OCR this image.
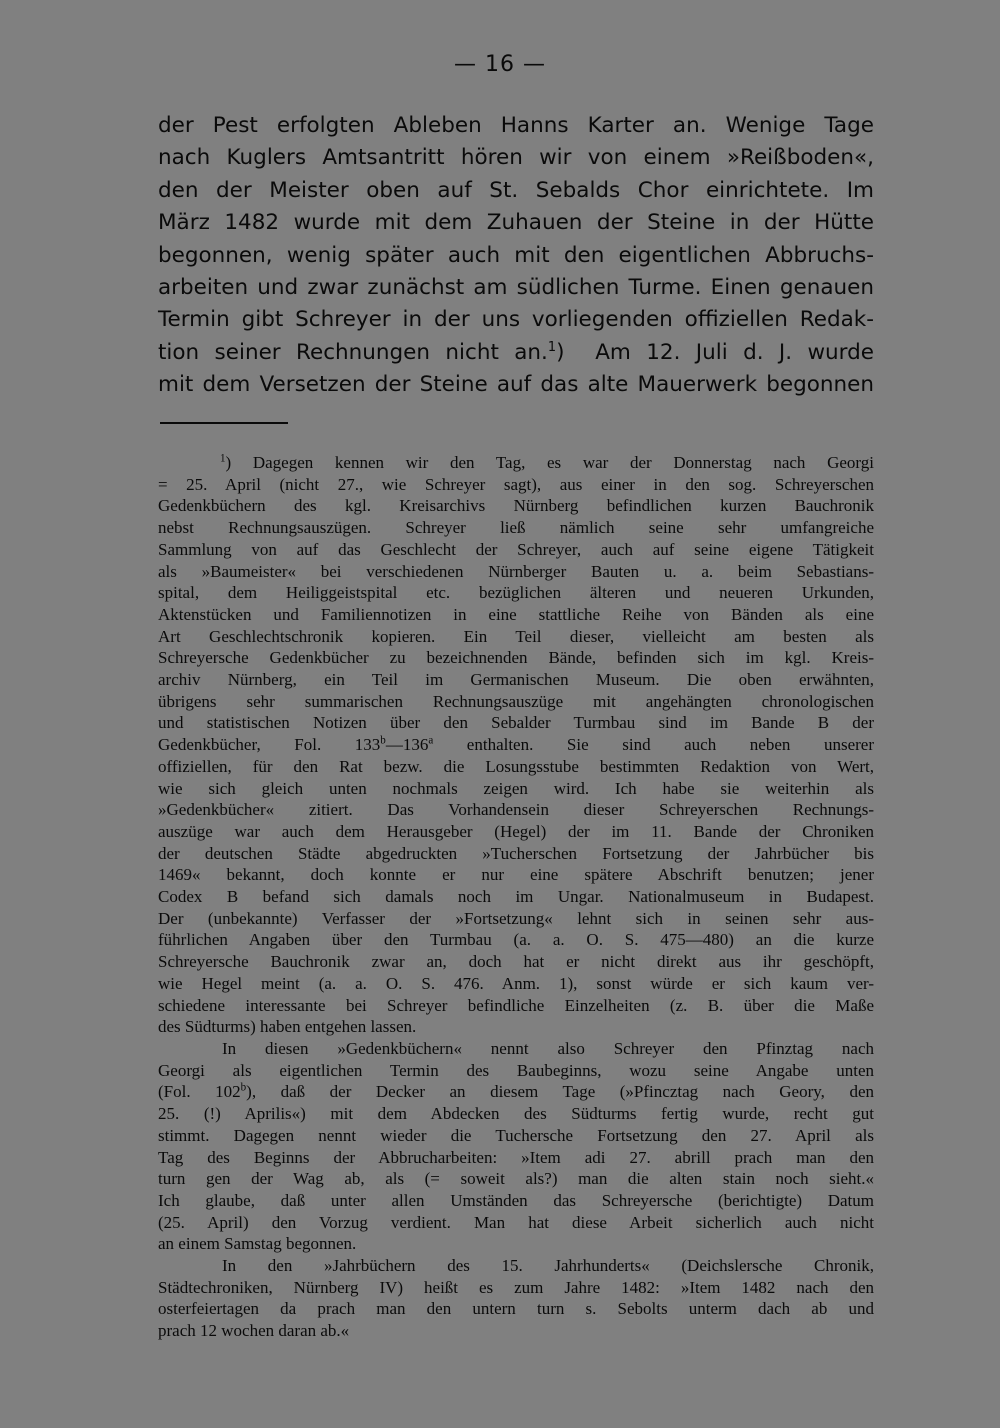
— 16 —
der Pest erfolgten Ableben Hanns Karter an. Wenige Tage
nach Kuglers Amtsantritt hören wir von einem »Reißboden«,
den der Meister oben auf St. Sebalds Chor einrichtete. Im
März 1482 wurde mit dem Zuhauen der Steine in der Hütte
begonnen, wenig später auch mit den eigentlichen Abbruchs-
arbeiten und zwar zunächst am südlichen Turme. Einen genauen
Termin gibt Schreyer in der uns vorliegenden offiziellen Redak-
tion seiner Rechnungen nicht an.$^1$) Am 12. Juli d. J. wurde
mit dem Versetzen der Steine auf das alte Mauerwerk begonnen
$^1$) Dagegen kennen wir den Tag, es war der Donnerstag nach Georgi
= 25. April (nicht 27., wie Schreyer sagt), aus einer in den sog. Schreyerschen
Gedenkbüchern des kgl. Kreisarchivs Nürnberg befindlichen kurzen Bauchronik
nebst Rechnungsauszügen. Schreyer ließ nämlich seine sehr umfangreiche
Sammlung von auf das Geschlecht der Schreyer, auch auf seine eigene Tätigkeit
als »Baumeister« bei verschiedenen Nürnberger Bauten u. a. beim Sebastians-
spital, dem Heiliggeistspital etc. bezüglichen älteren und neueren Urkunden,
Aktenstücken und Familiennotizen in eine stattliche Reihe von Bänden als eine
Art Geschlechtschronik kopieren. Ein Teil dieser, vielleicht am besten als
Schreyersche Gedenkbücher zu bezeichnenden Bände, befinden sich im kgl. Kreis-
archiv Nürnberg, ein Teil im Germanischen Museum. Die oben erwähnten,
übrigens sehr summarischen Rechnungsauszüge mit angehängten chronologischen
und statistischen Notizen über den Sebalder Turmbau sind im Bande B der
Gedenkbücher, Fol. 133$^b$—136$^a$ enthalten. Sie sind auch neben unserer
offiziellen, für den Rat bezw. die Losungsstube bestimmten Redaktion von Wert,
wie sich gleich unten nochmals zeigen wird. Ich habe sie weiterhin als
»Gedenkbücher« zitiert. Das Vorhandensein dieser Schreyerschen Rechnungs-
auszüge war auch dem Herausgeber (Hegel) der im 11. Bande der Chroniken
der deutschen Städte abgedruckten »Tucherschen Fortsetzung der Jahrbücher bis
1469« bekannt, doch konnte er nur eine spätere Abschrift benutzen; jener
Codex B befand sich damals noch im Ungar. Nationalmuseum in Budapest.
Der (unbekannte) Verfasser der »Fortsetzung« lehnt sich in seinen sehr aus-
führlichen Angaben über den Turmbau (a. a. O. S. 475—480) an die kurze
Schreyersche Bauchronik zwar an, doch hat er nicht direkt aus ihr geschöpft,
wie Hegel meint (a. a. O. S. 476. Anm. 1), sonst würde er sich kaum ver-
schiedene interessante bei Schreyer befindliche Einzelheiten (z. B. über die Maße
des Südturms) haben entgehen lassen.
In diesen »Gedenkbüchern« nennt also Schreyer den Pfinztag nach
Georgi als eigentlichen Termin des Baubeginns, wozu seine Angabe unten
(Fol. 102$^b$), daß der Decker an diesem Tage (»Pfincztag nach Geory, den
25. (!) Aprilis«) mit dem Abdecken des Südturms fertig wurde, recht gut
stimmt. Dagegen nennt wieder die Tuchersche Fortsetzung den 27. April als
Tag des Beginns der Abbrucharbeiten: »Item adi 27. abrill prach man den
turn gen der Wag ab, als (= soweit als?) man die alten stain noch sieht.«
Ich glaube, daß unter allen Umständen das Schreyersche (berichtigte) Datum
(25. April) den Vorzug verdient. Man hat diese Arbeit sicherlich auch nicht
an einem Samstag begonnen.
In den »Jahrbüchern des 15. Jahrhunderts« (Deichslersche Chronik,
Städtechroniken, Nürnberg IV) heißt es zum Jahre 1482: »Item 1482 nach den
osterfeiertagen da prach man den untern turn s. Sebolts unterm dach ab und
prach 12 wochen daran ab.«
